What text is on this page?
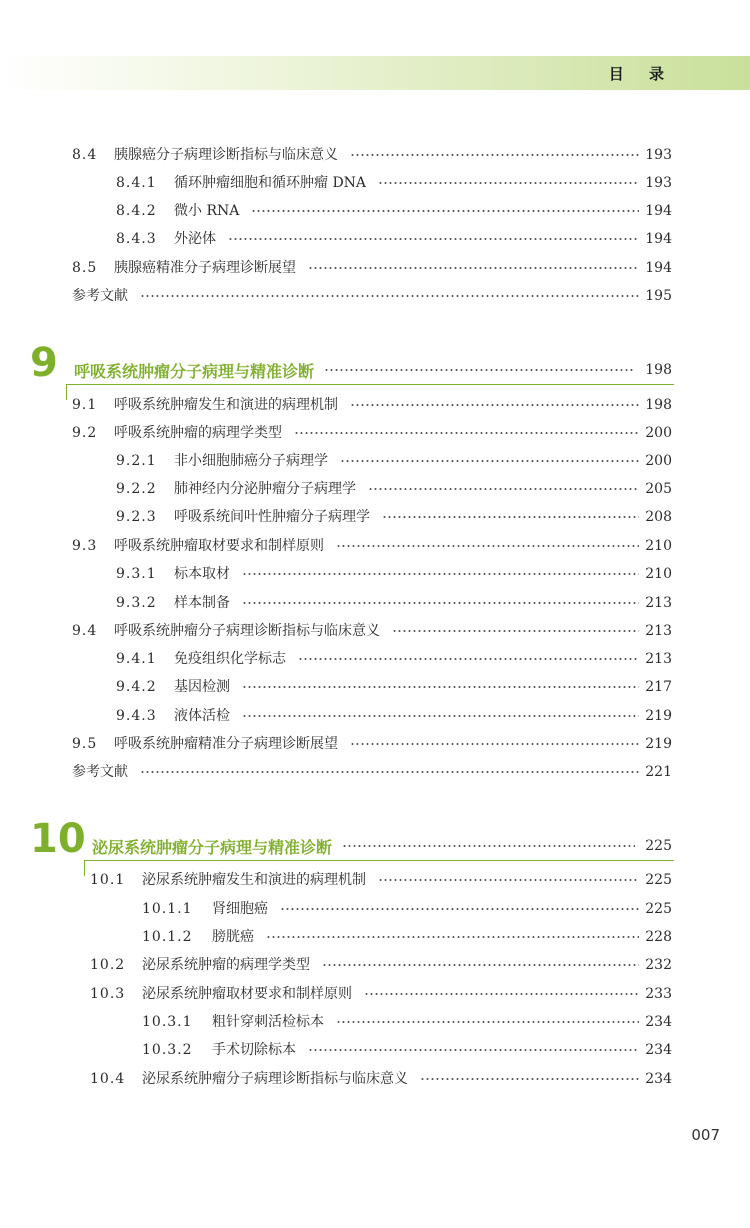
目 录
8.4	胰腺癌分子病理诊断指标与临床意义	193
8.4.1	循环肿瘤细胞和循环肿瘤 DNA	193
8.4.2	微小 RNA	194
8.4.3	外泌体	194
8.5	胰腺癌精准分子病理诊断展望	194
参考文献	195
9 呼吸系统肿瘤分子病理与精准诊断	198
9.1	呼吸系统肿瘤发生和演进的病理机制	198
9.2	呼吸系统肿瘤的病理学类型	200
9.2.1	非小细胞肺癌分子病理学	200
9.2.2	肺神经内分泌肿瘤分子病理学	205
9.2.3	呼吸系统间叶性肿瘤分子病理学	208
9.3	呼吸系统肿瘤取材要求和制样原则	210
9.3.1	标本取材	210
9.3.2	样本制备	213
9.4	呼吸系统肿瘤分子病理诊断指标与临床意义	213
9.4.1	免疫组织化学标志	213
9.4.2	基因检测	217
9.4.3	液体活检	219
9.5	呼吸系统肿瘤精准分子病理诊断展望	219
参考文献	221
10 泌尿系统肿瘤分子病理与精准诊断	225
10.1	泌尿系统肿瘤发生和演进的病理机制	225
10.1.1	肾细胞癌	225
10.1.2	膀胱癌	228
10.2	泌尿系统肿瘤的病理学类型	232
10.3	泌尿系统肿瘤取材要求和制样原则	233
10.3.1	粗针穿刺活检标本	234
10.3.2	手术切除标本	234
10.4	泌尿系统肿瘤分子病理诊断指标与临床意义	234
007
